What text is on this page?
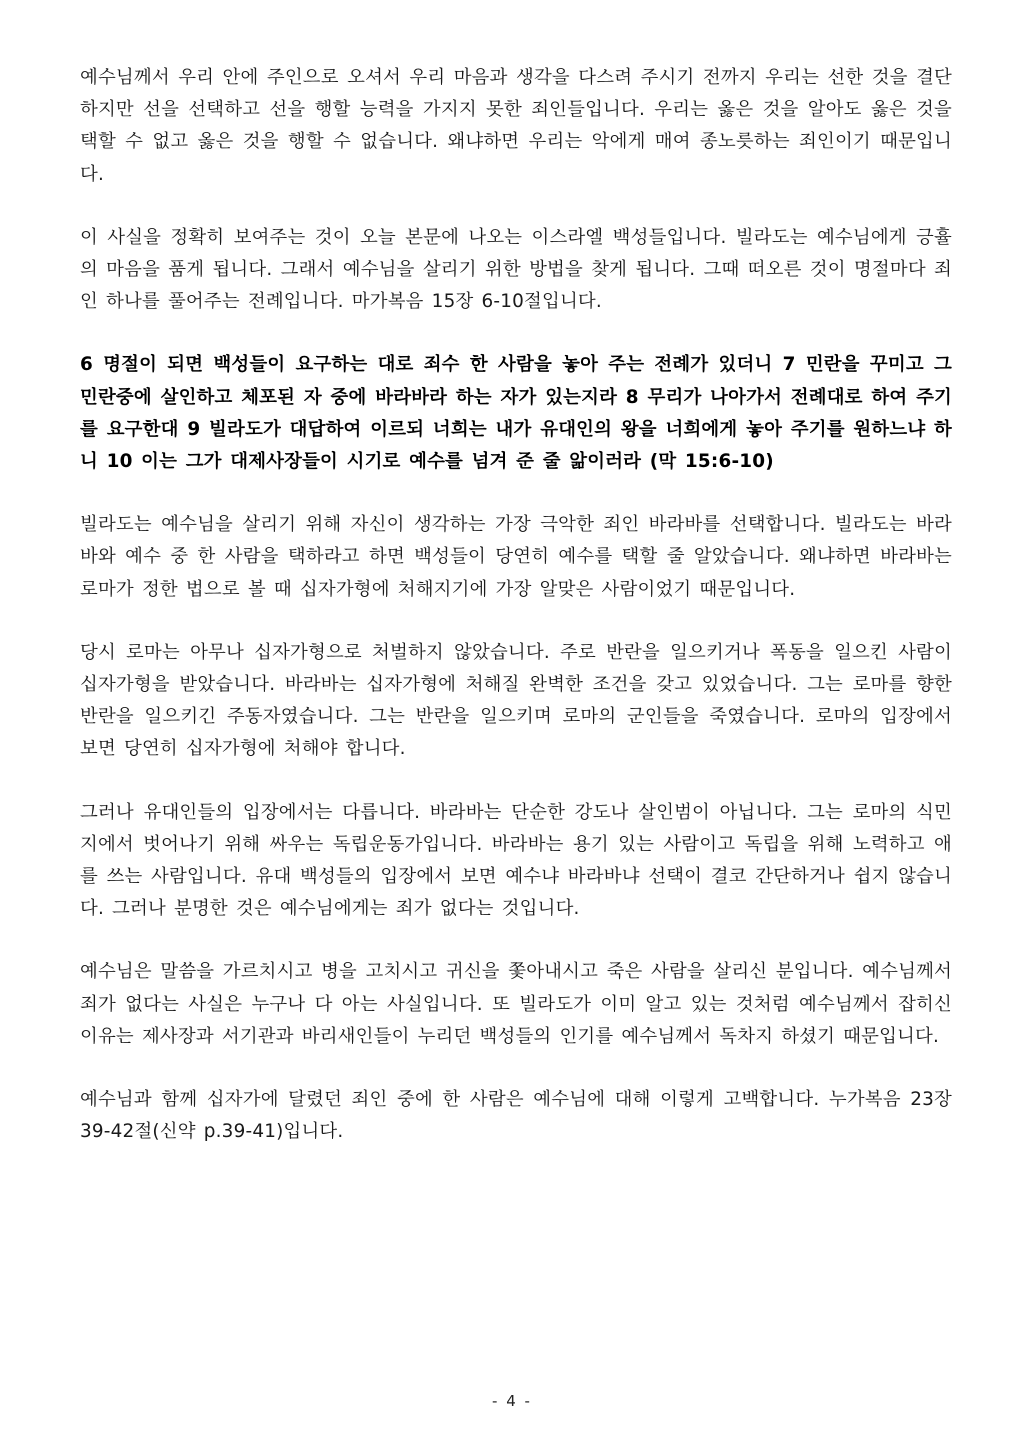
예수님께서 우리 안에 주인으로 오셔서 우리 마음과 생각을 다스려 주시기 전까지 우리는 선한 것을 결단하지만 선을 선택하고 선을 행할 능력을 가지지 못한 죄인들입니다. 우리는 옳은 것을 알아도 옳은 것을 택할 수 없고 옳은 것을 행할 수 없습니다. 왜냐하면 우리는 악에게 매여 종노릇하는 죄인이기 때문입니다.

이 사실을 정확히 보여주는 것이 오늘 본문에 나오는 이스라엘 백성들입니다. 빌라도는 예수님에게 긍휼의 마음을 품게 됩니다. 그래서 예수님을 살리기 위한 방법을 찾게 됩니다. 그때 떠오른 것이 명절마다 죄인 하나를 풀어주는 전례입니다. 마가복음 15장 6-10절입니다.

6 명절이 되면 백성들이 요구하는 대로 죄수 한 사람을 놓아 주는 전례가 있더니 7 민란을 꾸미고 그 민란중에 살인하고 체포된 자 중에 바라바라 하는 자가 있는지라 8 무리가 나아가서 전례대로 하여 주기를 요구한대 9 빌라도가 대답하여 이르되 너희는 내가 유대인의 왕을 너희에게 놓아 주기를 원하느냐 하니 10 이는 그가 대제사장들이 시기로 예수를 넘겨 준 줄 앎이러라 (막 15:6-10)

빌라도는 예수님을 살리기 위해 자신이 생각하는 가장 극악한 죄인 바라바를 선택합니다. 빌라도는 바라바와 예수 중 한 사람을 택하라고 하면 백성들이 당연히 예수를 택할 줄 알았습니다. 왜냐하면 바라바는 로마가 정한 법으로 볼 때 십자가형에 처해지기에 가장 알맞은 사람이었기 때문입니다.

당시 로마는 아무나 십자가형으로 처벌하지 않았습니다. 주로 반란을 일으키거나 폭동을 일으킨 사람이 십자가형을 받았습니다. 바라바는 십자가형에 처해질 완벽한 조건을 갖고 있었습니다. 그는 로마를 향한 반란을 일으키긴 주동자였습니다. 그는 반란을 일으키며 로마의 군인들을 죽였습니다. 로마의 입장에서 보면 당연히 십자가형에 처해야 합니다.

그러나 유대인들의 입장에서는 다릅니다. 바라바는 단순한 강도나 살인범이 아닙니다. 그는 로마의 식민지에서 벗어나기 위해 싸우는 독립운동가입니다. 바라바는 용기 있는 사람이고 독립을 위해 노력하고 애를 쓰는 사람입니다. 유대 백성들의 입장에서 보면 예수냐 바라바냐 선택이 결코 간단하거나 쉽지 않습니다. 그러나 분명한 것은 예수님에게는 죄가 없다는 것입니다.

예수님은 말씀을 가르치시고 병을 고치시고 귀신을 쫓아내시고 죽은 사람을 살리신 분입니다. 예수님께서 죄가 없다는 사실은 누구나 다 아는 사실입니다. 또 빌라도가 이미 알고 있는 것처럼 예수님께서 잡히신 이유는 제사장과 서기관과 바리새인들이 누리던 백성들의 인기를 예수님께서 독차지 하셨기 때문입니다.

예수님과 함께 십자가에 달렸던 죄인 중에 한 사람은 예수님에 대해 이렇게 고백합니다. 누가복음 23장 39-42절(신약 p.39-41)입니다.

- 4 -
